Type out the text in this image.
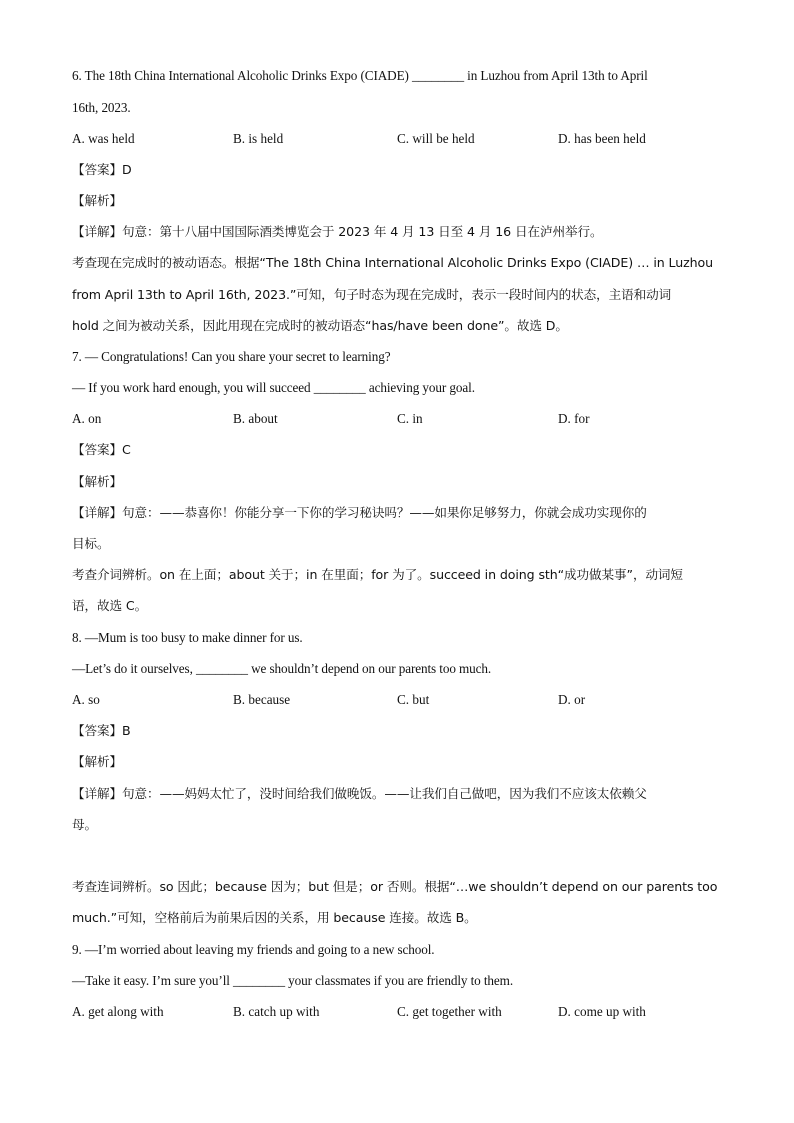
6. The 18th China International Alcoholic Drinks Expo (CIADE) ________ in Luzhou from April 13th to April
16th, 2023.
A. was held	B. is held	C. will be held	D. has been held
【答案】D
【解析】
【详解】句意：第十八届中国国际酒类博览会于 2023 年 4 月 13 日至 4 月 16 日在泸州举行。
考查现在完成时的被动语态。根据“The 18th China International Alcoholic Drinks Expo (CIADE) … in Luzhou
from April 13th to April 16th, 2023.”可知，句子时态为现在完成时，表示一段时间内的状态，主语和动词
hold 之间为被动关系，因此用现在完成时的被动语态“has/have been done”。故选 D。
7. — Congratulations! Can you share your secret to learning?
— If you work hard enough, you will succeed ________ achieving your goal.
A. on	B. about	C. in	D. for
【答案】C
【解析】
【详解】句意：——恭喜你！你能分享一下你的学习秘诀吗？——如果你足够努力，你就会成功实现你的
目标。
考查介词辨析。on 在上面；about 关于；in 在里面；for 为了。succeed in doing sth“成功做某事”，动词短
语，故选 C。
8. —Mum is too busy to make dinner for us.
—Let’s do it ourselves, ________ we shouldn’t depend on our parents too much.
A. so	B. because	C. but	D. or
【答案】B
【解析】
【详解】句意：——妈妈太忙了，没时间给我们做晚饭。——让我们自己做吧，因为我们不应该太依赖父
母。
考查连词辨析。so 因此；because 因为；but 但是；or 否则。根据“…we shouldn’t depend on our parents too
much.”可知，空格前后为前果后因的关系，用 because 连接。故选 B。
9. —I’m worried about leaving my friends and going to a new school.
—Take it easy. I’m sure you’ll ________ your classmates if you are friendly to them.
A. get along with	B. catch up with	C. get together with	D. come up with
